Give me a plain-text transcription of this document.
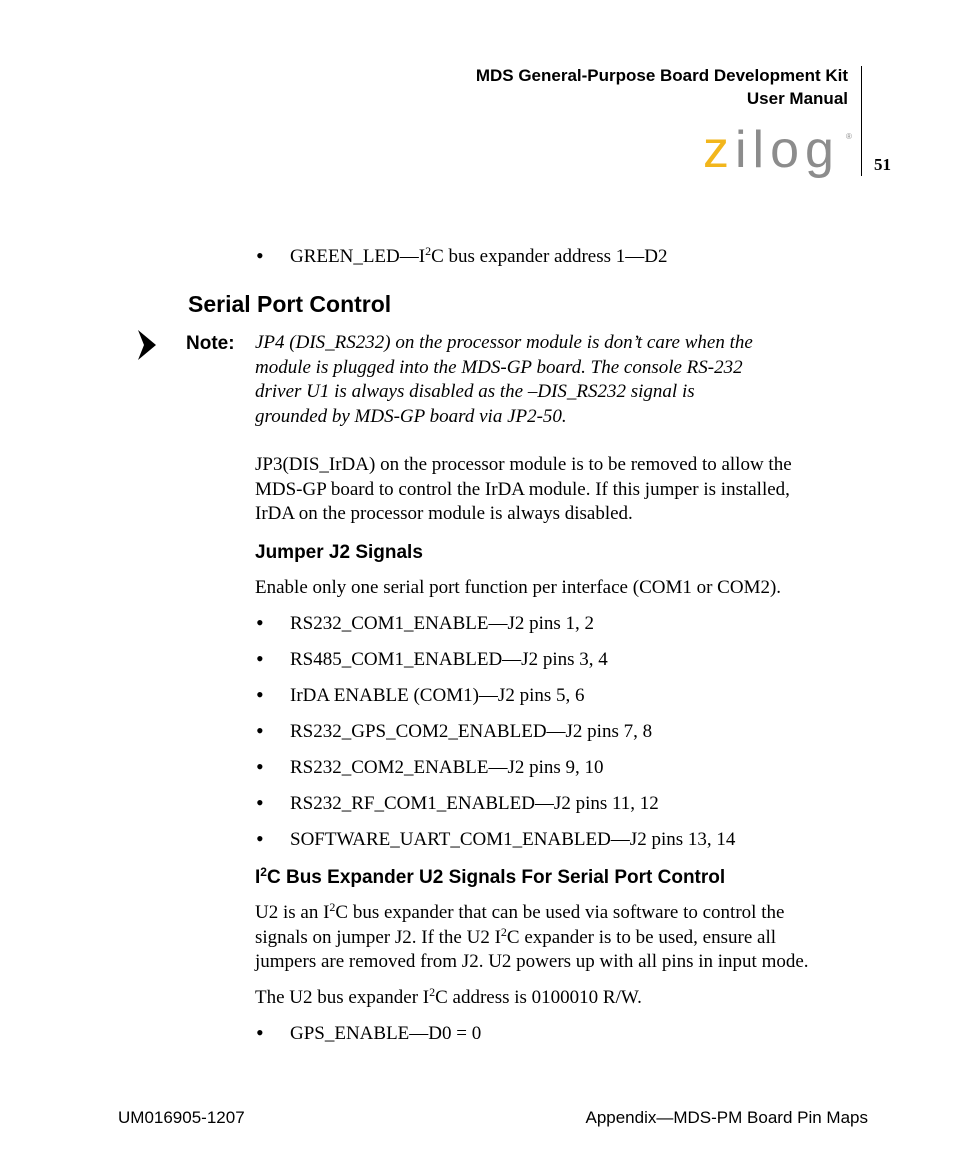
MDS General-Purpose Board Development Kit
User Manual
51
zilog ®
• $GREEN\_LED—I^2C$ bus expander address 1—D2
Serial Port Control
Note: JP4 (DIS_RS232) on the processor module is don’t care when the
module is plugged into the MDS-GP board. The console RS-232
driver U1 is always disabled as the –DIS_RS232 signal is
grounded by MDS-GP board via JP2-50.
JP3(DIS_IrDA) on the processor module is to be removed to allow the
MDS-GP board to control the IrDA module. If this jumper is installed,
IrDA on the processor module is always disabled.
Jumper J2 Signals
Enable only one serial port function per interface (COM1 or COM2).
• RS232_COM1_ENABLE—J2 pins 1, 2
• RS485_COM1_ENABLED—J2 pins 3, 4
• IrDA ENABLE (COM1)—J2 pins 5, 6
• RS232_GPS_COM2_ENABLED—J2 pins 7, 8
• RS232_COM2_ENABLE—J2 pins 9, 10
• RS232_RF_COM1_ENABLED—J2 pins 11, 12
• SOFTWARE_UART_COM1_ENABLED—J2 pins 13, 14
$I^2C$ Bus Expander U2 Signals For Serial Port Control
U2 is an $I^2C$ bus expander that can be used via software to control the
signals on jumper J2. If the U2 $I^2C$ expander is to be used, ensure all
jumpers are removed from J2. U2 powers up with all pins in input mode.
The U2 bus expander $I^2C$ address is 0100010 R/W.
• GPS_ENABLE—D0 = 0
UM016905-1207	Appendix—MDS-PM Board Pin Maps
